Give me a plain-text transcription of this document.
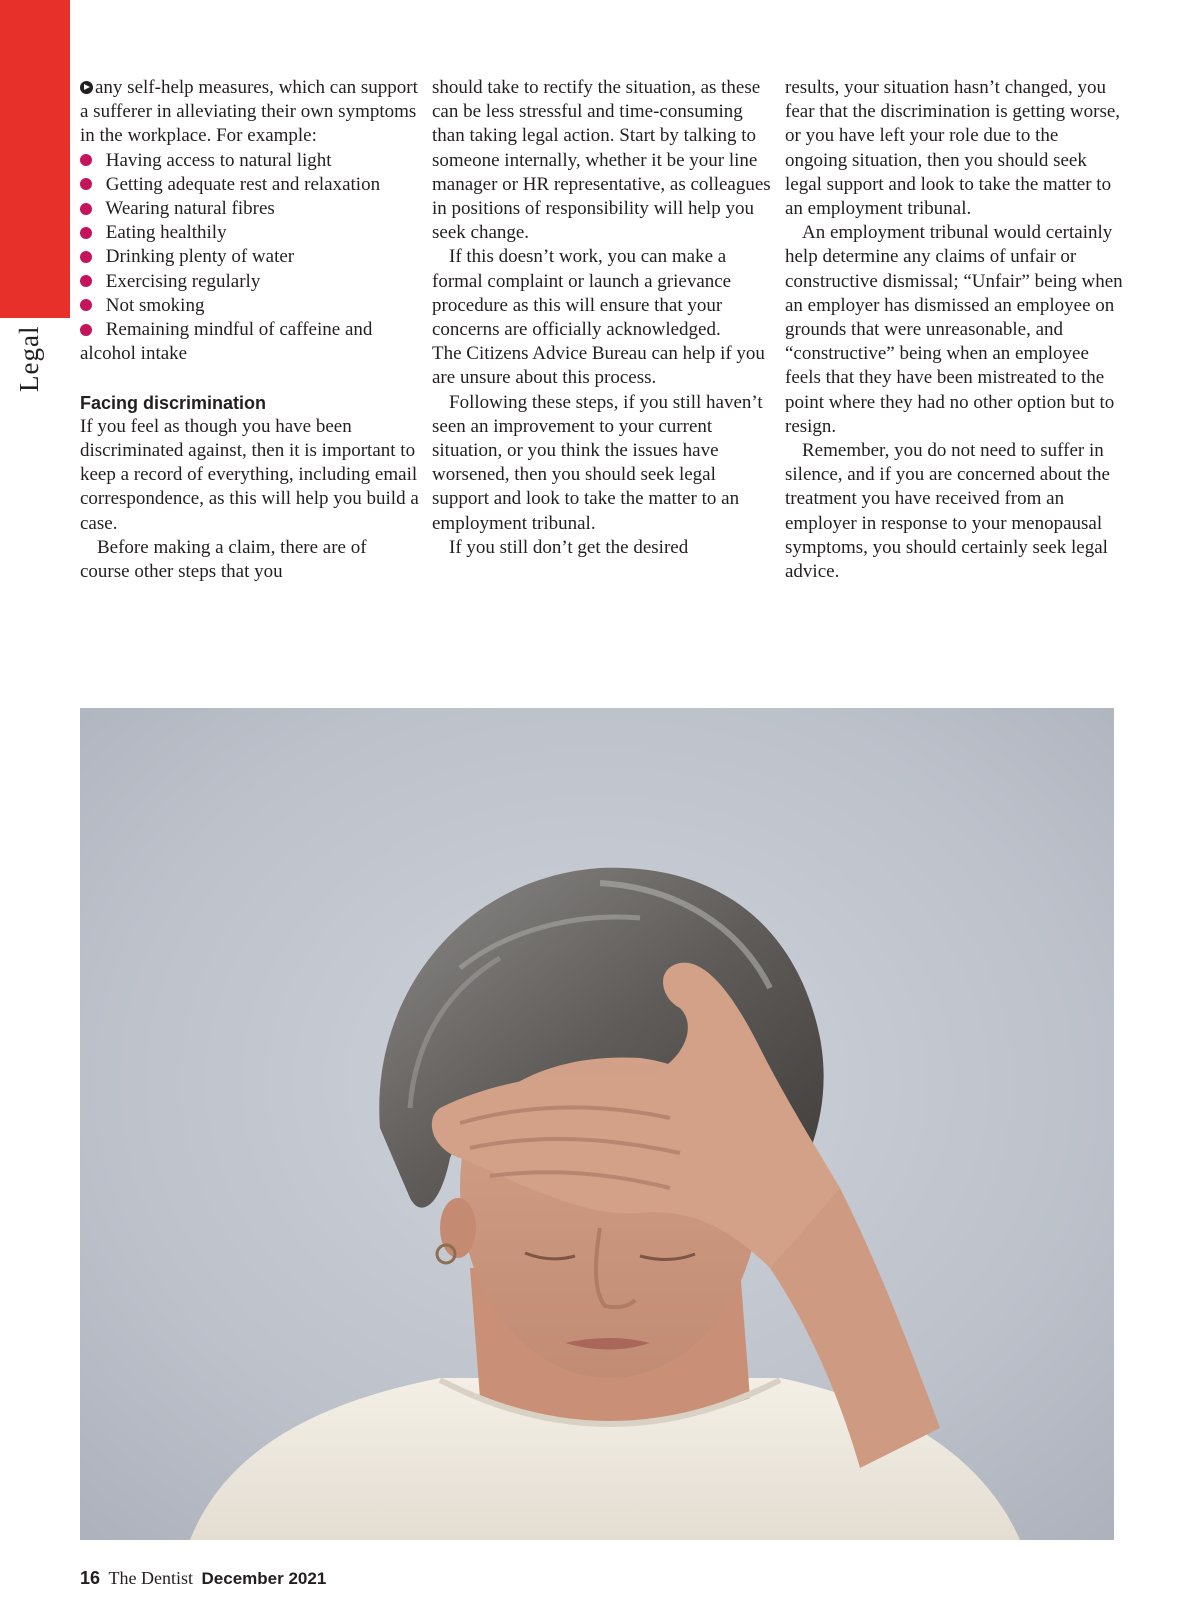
Legal

any self-help measures, which can support a sufferer in alleviating their own symptoms in the workplace. For example:

Having access to natural light
Getting adequate rest and relaxation
Wearing natural fibres
Eating healthily
Drinking plenty of water
Exercising regularly
Not smoking
Remaining mindful of caffeine and alcohol intake

Facing discrimination

If you feel as though you have been discriminated against, then it is important to keep a record of everything, including email correspondence, as this will help you build a case.

Before making a claim, there are of course other steps that you

should take to rectify the situation, as these can be less stressful and time-consuming than taking legal action. Start by talking to someone internally, whether it be your line manager or HR representative, as colleagues in positions of responsibility will help you seek change.

If this doesn’t work, you can make a formal complaint or launch a grievance procedure as this will ensure that your concerns are officially acknowledged.

The Citizens Advice Bureau can help if you are unsure about this process.

Following these steps, if you still haven’t seen an improvement to your current situation, or you think the issues have worsened, then you should seek legal support and look to take the matter to an employment tribunal.

If you still don’t get the desired

results, your situation hasn’t changed, you fear that the discrimination is getting worse, or you have left your role due to the ongoing situation, then you should seek legal support and look to take the matter to an employment tribunal.

An employment tribunal would certainly help determine any claims of unfair or constructive dismissal; “Unfair” being when an employer has dismissed an employee on grounds that were unreasonable, and “constructive” being when an employee feels that they have been mistreated to the point where they had no other option but to resign.

Remember, you do not need to suffer in silence, and if you are concerned about the treatment you have received from an employer in response to your menopausal symptoms, you should certainly seek legal advice.

16 The Dentist December 2021
